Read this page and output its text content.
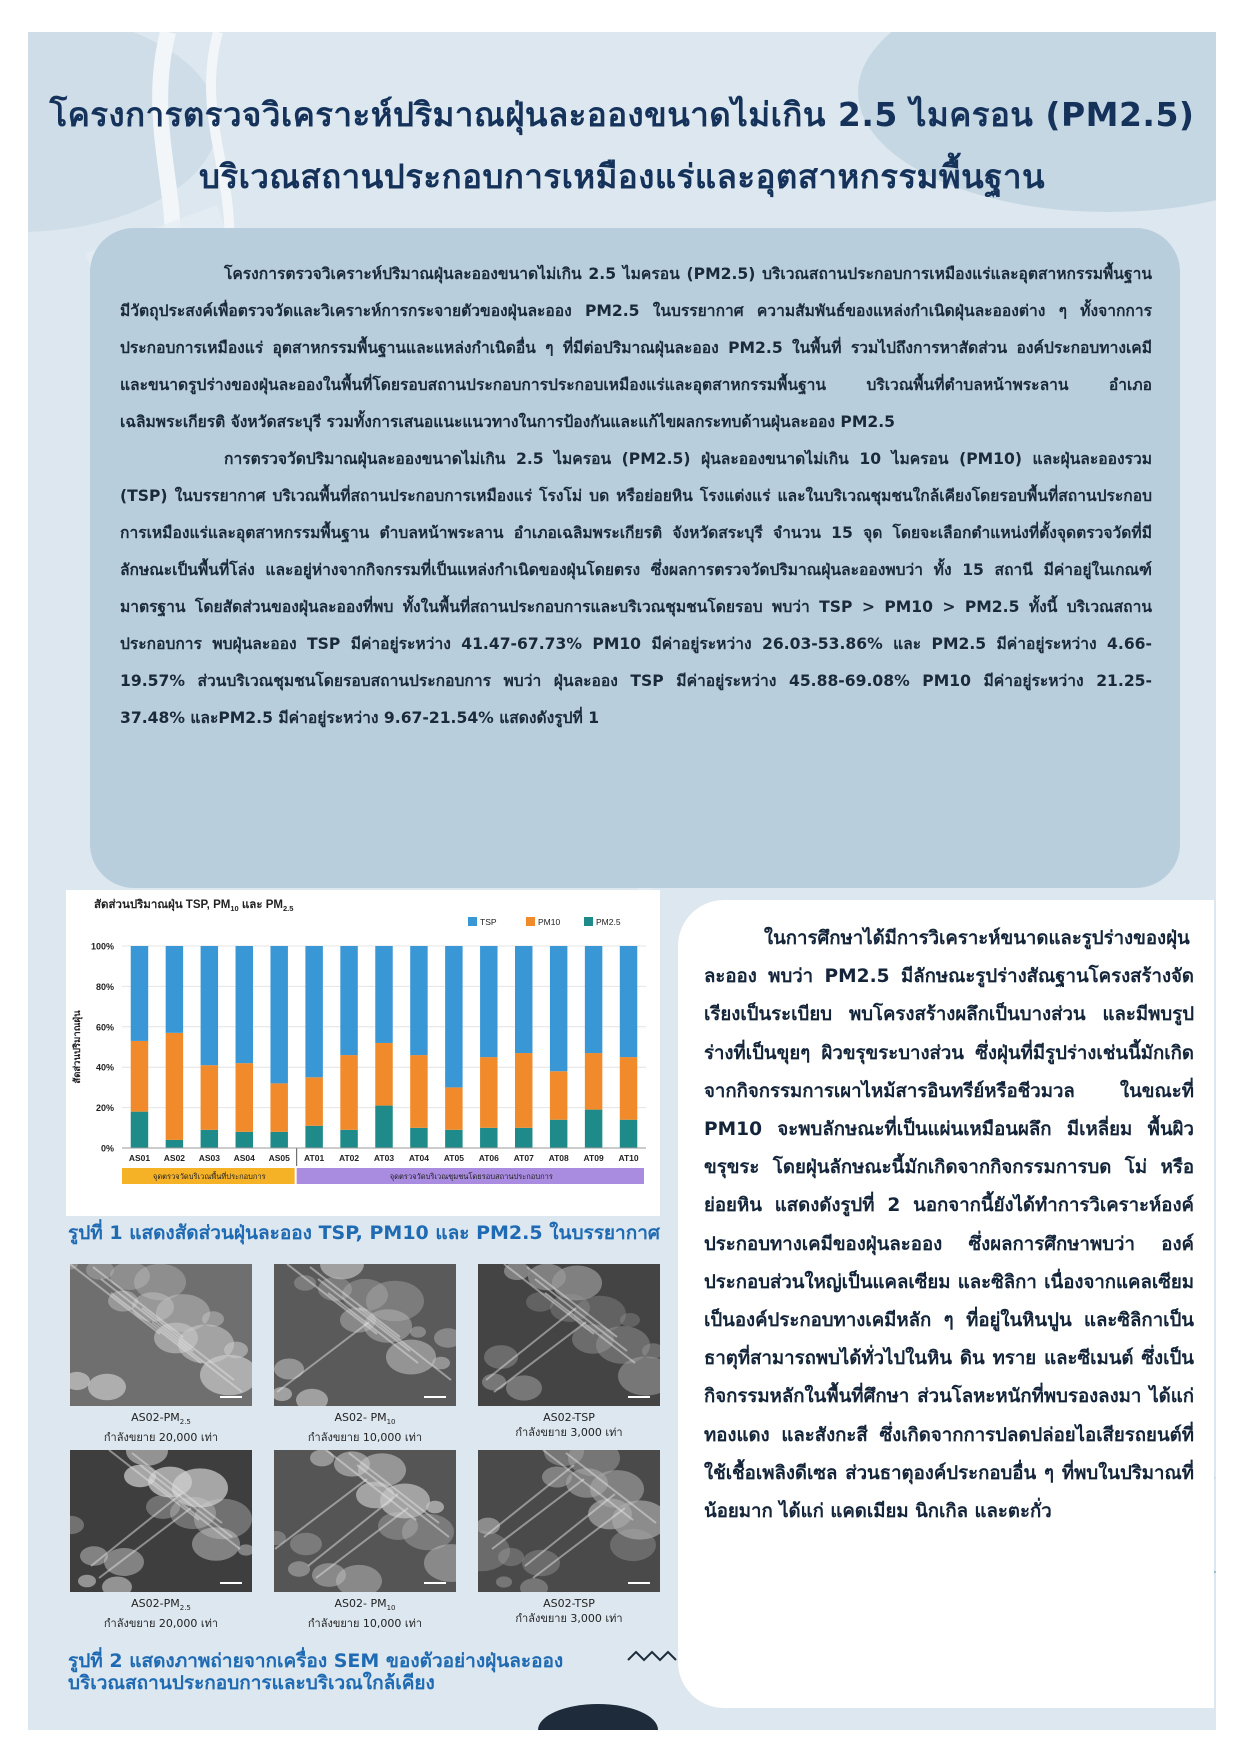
โครงการตรวจวิเคราะห์ปริมาณฝุ่นละอองขนาดไม่เกิน 2.5 ไมครอน (PM2.5)
บริเวณสถานประกอบการเหมืองแร่และอุตสาหกรรมพื้นฐาน

โครงการตรวจวิเคราะห์ปริมาณฝุ่นละอองขนาดไม่เกิน 2.5 ไมครอน (PM2.5) บริเวณสถานประกอบการเหมืองแร่และอุตสาหกรรมพื้นฐาน มีวัตถุประสงค์เพื่อตรวจวัดและวิเคราะห์การกระจายตัวของฝุ่นละออง PM2.5 ในบรรยากาศ ความสัมพันธ์ของแหล่งกำเนิดฝุ่นละอองต่าง ๆ ทั้งจากการประกอบการเหมืองแร่ อุตสาหกรรมพื้นฐานและแหล่งกำเนิดอื่น ๆ ที่มีต่อปริมาณฝุ่นละออง PM2.5 ในพื้นที่ รวมไปถึงการหาสัดส่วน องค์ประกอบทางเคมี และขนาดรูปร่างของฝุ่นละอองในพื้นที่โดยรอบสถานประกอบการประกอบเหมืองแร่และอุตสาหกรรมพื้นฐาน บริเวณพื้นที่ตำบลหน้าพระลาน อำเภอเฉลิมพระเกียรติ จังหวัดสระบุรี รวมทั้งการเสนอแนะแนวทางในการป้องกันและแก้ไขผลกระทบด้านฝุ่นละออง PM2.5

การตรวจวัดปริมาณฝุ่นละอองขนาดไม่เกิน 2.5 ไมครอน (PM2.5) ฝุ่นละอองขนาดไม่เกิน 10 ไมครอน (PM10) และฝุ่นละอองรวม (TSP) ในบรรยากาศ บริเวณพื้นที่สถานประกอบการเหมืองแร่ โรงโม่ บด หรือย่อยหิน โรงแต่งแร่ และในบริเวณชุมชนใกล้เคียงโดยรอบพื้นที่สถานประกอบการเหมืองแร่และอุตสาหกรรมพื้นฐาน ตำบลหน้าพระลาน อำเภอเฉลิมพระเกียรติ จังหวัดสระบุรี จำนวน 15 จุด โดยจะเลือกตำแหน่งที่ตั้งจุดตรวจวัดที่มีลักษณะเป็นพื้นที่โล่ง และอยู่ห่างจากกิจกรรมที่เป็นแหล่งกำเนิดของฝุ่นโดยตรง ซึ่งผลการตรวจวัดปริมาณฝุ่นละอองพบว่า ทั้ง 15 สถานี มีค่าอยู่ในเกณฑ์มาตรฐาน โดยสัดส่วนของฝุ่นละอองที่พบ ทั้งในพื้นที่สถานประกอบการและบริเวณชุมชนโดยรอบ พบว่า TSP > PM10 > PM2.5 ทั้งนี้ บริเวณสถานประกอบการ พบฝุ่นละออง TSP มีค่าอยู่ระหว่าง 41.47-67.73% PM10 มีค่าอยู่ระหว่าง 26.03-53.86% และ PM2.5 มีค่าอยู่ระหว่าง 4.66-19.57% ส่วนบริเวณชุมชนโดยรอบสถานประกอบการ พบว่า ฝุ่นละออง TSP มีค่าอยู่ระหว่าง 45.88-69.08% PM10 มีค่าอยู่ระหว่าง 21.25-37.48% และPM2.5 มีค่าอยู่ระหว่าง 9.67-21.54% แสดงดังรูปที่ 1

สัดส่วนปริมาณฝุ่น TSP, $PM_{10}$ และ $PM_{2.5}$
สัดส่วนปริมาณฝุ่น
0%
20%
40%
60%
80%
100%
AS01 AS02 AS03 AS04 AS05 AT01 AT02 AT03 AT04 AT05 AT06 AT07 AT08 AT09 AT10
จุดตรวจวัดบริเวณพื้นที่ประกอบการ	จุดตรวจวัดบริเวณชุมชนโดยรอบสถานประกอบการ
TSP	PM10	PM2.5
รูปที่ 1 แสดงสัดส่วนฝุ่นละออง TSP, PM10 และ PM2.5 ในบรรยากาศ
$AS02-PM_{2.5}$
กำลังขยาย 20,000 เท่า
AS02- $PM_{10}$
กำลังขยาย 10,000 เท่า
AS02-TSP
กำลังขยาย 3,000 เท่า
$AS02-PM_{2.5}$
กำลังขยาย 20,000 เท่า
AS02- $PM_{10}$
กำลังขยาย 10,000 เท่า
AS02-TSP
กำลังขยาย 3,000 เท่า
รูปที่ 2 แสดงภาพถ่ายจากเครื่อง SEM ของตัวอย่างฝุ่นละออง
บริเวณสถานประกอบการและบริเวณใกล้เคียง

ในการศึกษาได้มีการวิเคราะห์ขนาดและรูปร่างของฝุ่นละออง พบว่า PM2.5 มีลักษณะรูปร่างสัณฐานโครงสร้างจัดเรียงเป็นระเบียบ พบโครงสร้างผลึกเป็นบางส่วน และมีพบรูปร่างที่เป็นขุยๆ ผิวขรุขระบางส่วน ซึ่งฝุ่นที่มีรูปร่างเช่นนี้มักเกิดจากกิจกรรมการเผาไหม้สารอินทรีย์หรือชีวมวล ในขณะที่ PM10 จะพบลักษณะที่เป็นแผ่นเหมือนผลึก มีเหลี่ยม พื้นผิวขรุขระ โดยฝุ่นลักษณะนี้มักเกิดจากกิจกรรมการบด โม่ หรือย่อยหิน แสดงดังรูปที่ 2 นอกจากนี้ยังได้ทำการวิเคราะห์องค์ประกอบทางเคมีของฝุ่นละออง ซึ่งผลการศึกษาพบว่า องค์ประกอบส่วนใหญ่เป็นแคลเซียม และซิลิกา เนื่องจากแคลเซียมเป็นองค์ประกอบทางเคมีหลัก ๆ ที่อยู่ในหินปูน และซิลิกาเป็นธาตุที่สามารถพบได้ทั่วไปในหิน ดิน ทราย และซีเมนต์ ซึ่งเป็นกิจกรรมหลักในพื้นที่ศึกษา ส่วนโลหะหนักที่พบรองลงมา ได้แก่ ทองแดง และสังกะสี ซึ่งเกิดจากการปลดปล่อยไอเสียรถยนต์ที่ใช้เชื้อเพลิงดีเซล ส่วนธาตุองค์ประกอบอื่น ๆ ที่พบในปริมาณที่น้อยมาก ได้แก่ แคดเมียม นิกเกิล และตะกั่ว
